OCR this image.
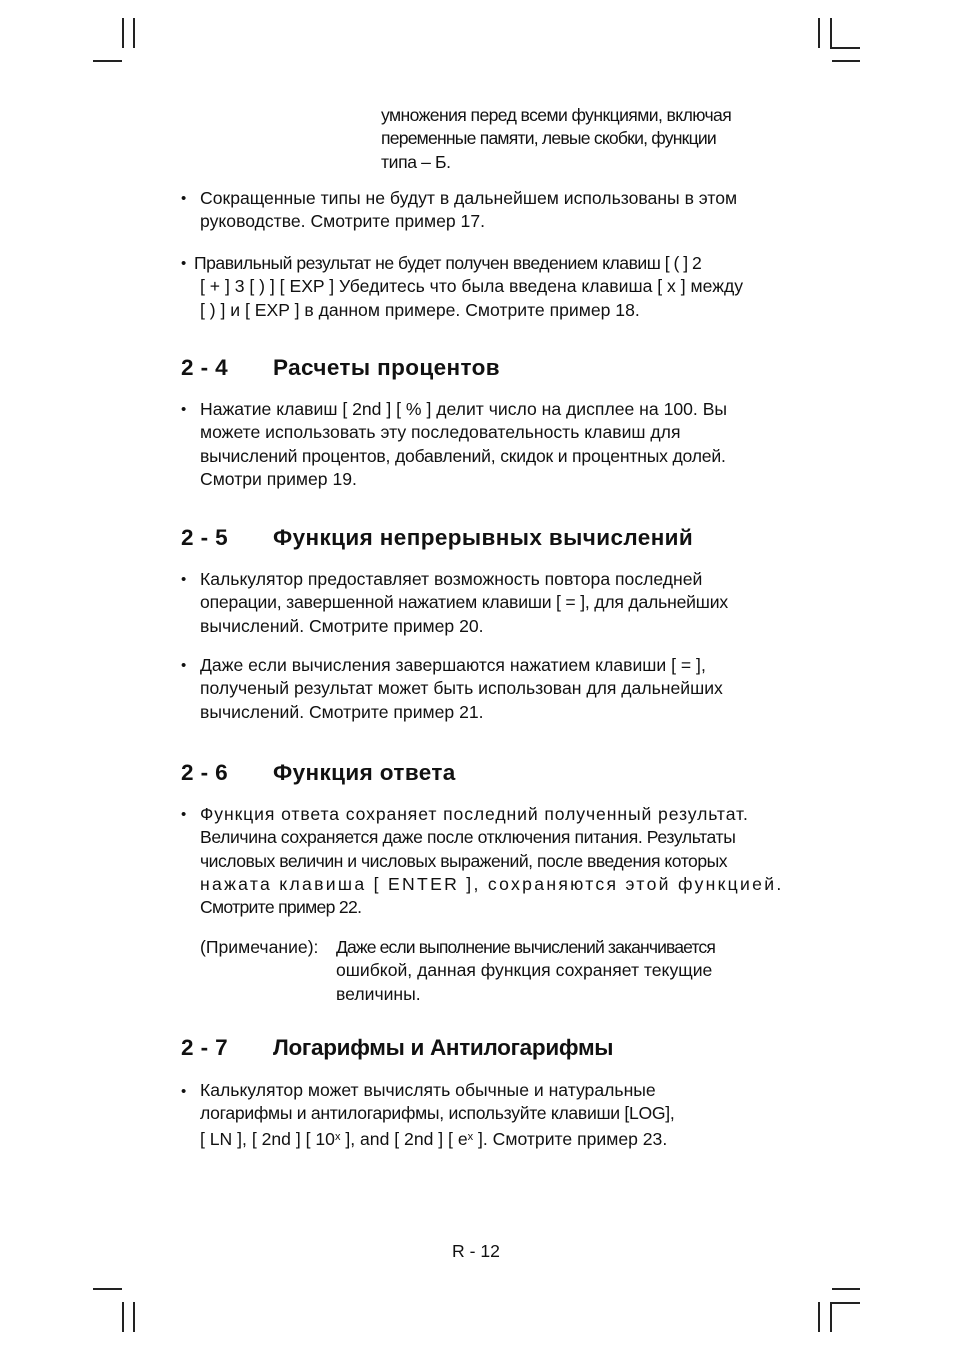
умножения перед всеми функциями, включая
переменные памяти, левые скобки, функции
типа – Б.
• Сокращенные типы не будут в дальнейшем использованы в этом
руководстве. Смотрите пример 17.
• Правильный результат не будет получен введением клавиш [ ( ] 2
[ + ] 3 [ ) ] [ EXP ] Убедитесь что была введена клавиша [ x ] между
[ ) ] и [ EXP ] в данном примере. Смотрите пример 18.
2 - 4 Расчеты процентов
• Нажатие клавиш [ 2nd ] [ % ] делит число на дисплее на 100. Вы
можете использовать эту последовательность клавиш для
вычислений процентов, добавлений, скидок и процентных долей.
Смотри пример 19.
2 - 5 Функция непрерывных вычислений
• Калькулятор предоставляет возможность повтора последней
операции, завершенной нажатием клавиши [ = ], для дальнейших
вычислений. Смотрите пример 20.
• Даже если вычисления завершаются нажатием клавиши [ = ],
полученый результат может быть использован для дальнейших
вычислений. Смотрите пример 21.
2 - 6 Функция ответа
• Функция ответа сохраняет последний полученный результат.
Величина сохраняется даже после отключения питания. Результаты
числовых величин и числовых выражений, после введения которых
нажата клавиша [ ENTER ], сохраняются этой функцией.
Смотрите пример 22.
(Примечание): Даже если выполнение вычислений заканчивается
ошибкой, данная функция сохраняет текущие
величины.
2 - 7 Логарифмы и Антилогарифмы
• Калькулятор может вычислять обычные и натуральные
логарифмы и антилогарифмы, используйте клавиши [LOG],
[ LN ], [ 2nd ] [ 10$^x$ ], and [ 2nd ] [ $e^x$ ]. Смотрите пример 23.
R - 12
